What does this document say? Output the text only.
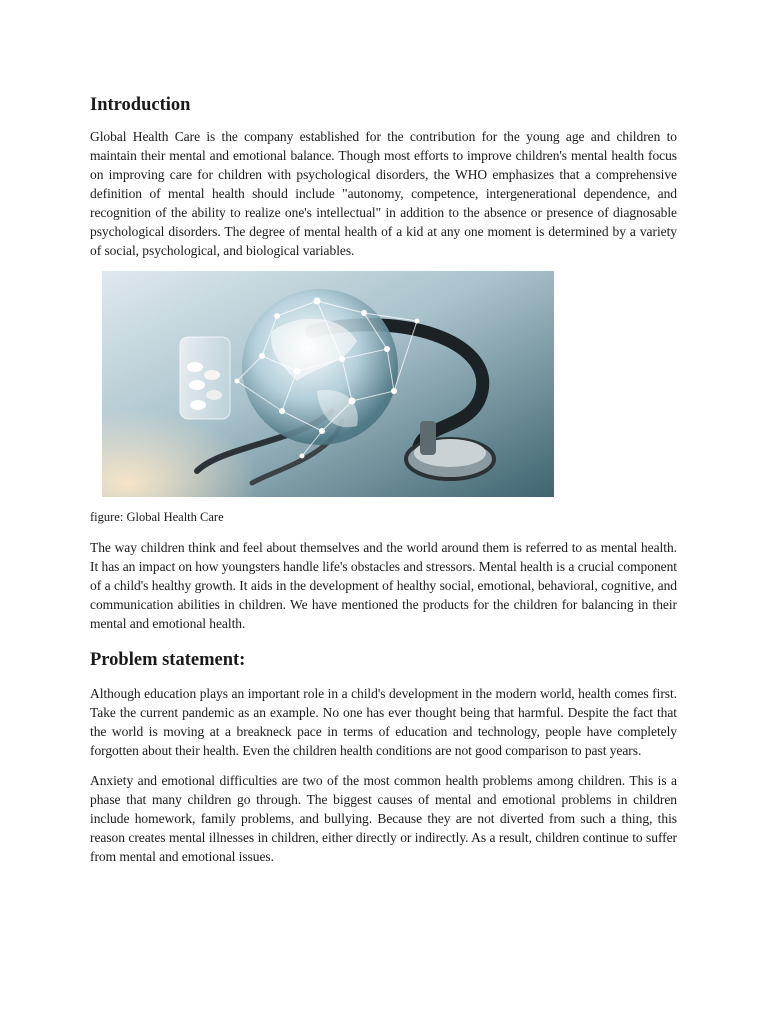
Introduction

Global Health Care is the company established for the contribution for the young age and children to maintain their mental and emotional balance. Though most efforts to improve children's mental health focus on improving care for children with psychological disorders, the WHO emphasizes that a comprehensive definition of mental health should include "autonomy, competence, intergenerational dependence, and recognition of the ability to realize one's intellectual" in addition to the absence or presence of diagnosable psychological disorders. The degree of mental health of a kid at any one moment is determined by a variety of social, psychological, and biological variables.

figure: Global Health Care

The way children think and feel about themselves and the world around them is referred to as mental health. It has an impact on how youngsters handle life's obstacles and stressors. Mental health is a crucial component of a child's healthy growth. It aids in the development of healthy social, emotional, behavioral, cognitive, and communication abilities in children. We have mentioned the products for the children for balancing in their mental and emotional health.

Problem statement:

Although education plays an important role in a child's development in the modern world, health comes first. Take the current pandemic as an example. No one has ever thought being that harmful. Despite the fact that the world is moving at a breakneck pace in terms of education and technology, people have completely forgotten about their health. Even the children health conditions are not good comparison to past years.

Anxiety and emotional difficulties are two of the most common health problems among children. This is a phase that many children go through. The biggest causes of mental and emotional problems in children include homework, family problems, and bullying. Because they are not diverted from such a thing, this reason creates mental illnesses in children, either directly or indirectly. As a result, children continue to suffer from mental and emotional issues.
